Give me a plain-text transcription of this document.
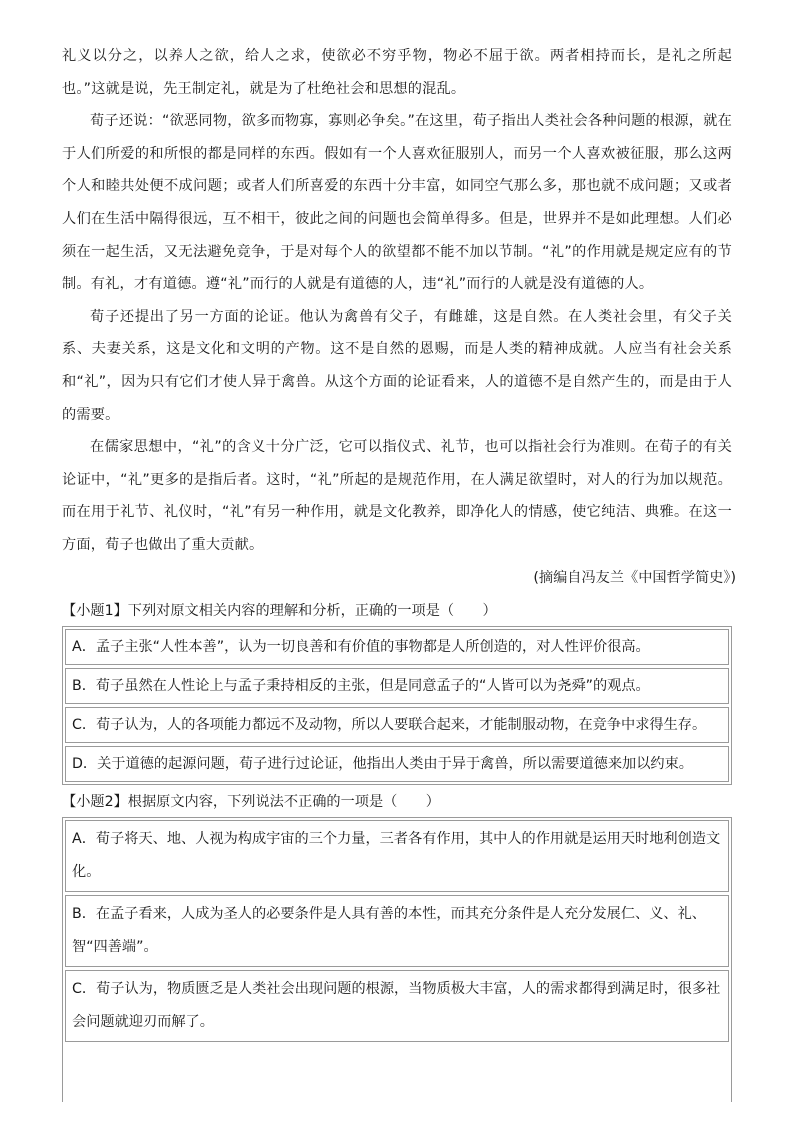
礼义以分之，以养人之欲，给人之求，使欲必不穷乎物，物必不屈于欲。两者相持而长，是礼之所起也。”这就是说，先王制定礼，就是为了杜绝社会和思想的混乱。

荀子还说：“欲恶同物，欲多而物寡，寡则必争矣。”在这里，荀子指出人类社会各种问题的根源，就在于人们所爱的和所恨的都是同样的东西。假如有一个人喜欢征服别人，而另一个人喜欢被征服，那么这两个人和睦共处便不成问题；或者人们所喜爱的东西十分丰富，如同空气那么多，那也就不成问题；又或者人们在生活中隔得很远，互不相干，彼此之间的问题也会简单得多。但是，世界并不是如此理想。人们必须在一起生活，又无法避免竞争，于是对每个人的欲望都不能不加以节制。“礼”的作用就是规定应有的节制。有礼，才有道德。遵“礼”而行的人就是有道德的人，违“礼”而行的人就是没有道德的人。

荀子还提出了另一方面的论证。他认为禽兽有父子，有雌雄，这是自然。在人类社会里，有父子关系、夫妻关系，这是文化和文明的产物。这不是自然的恩赐，而是人类的精神成就。人应当有社会关系和“礼”，因为只有它们才使人异于禽兽。从这个方面的论证看来，人的道德不是自然产生的，而是由于人的需要。

在儒家思想中，“礼”的含义十分广泛，它可以指仪式、礼节，也可以指社会行为准则。在荀子的有关论证中，“礼”更多的是指后者。这时，“礼”所起的是规范作用，在人满足欲望时，对人的行为加以规范。而在用于礼节、礼仪时，“礼”有另一种作用，就是文化教养，即净化人的情感，使它纯洁、典雅。在这一方面，荀子也做出了重大贡献。

(摘编自冯友兰《中国哲学简史》)

【小题1】下列对原文相关内容的理解和分析，正确的一项是（　　）
A．孟子主张“人性本善”，认为一切良善和有价值的事物都是人所创造的，对人性评价很高。
B．荀子虽然在人性论上与孟子秉持相反的主张，但是同意孟子的“人皆可以为尧舜”的观点。
C．荀子认为，人的各项能力都远不及动物，所以人要联合起来，才能制服动物，在竞争中求得生存。
D．关于道德的起源问题，荀子进行过论证，他指出人类由于异于禽兽，所以需要道德来加以约束。
【小题2】根据原文内容，下列说法不正确的一项是（　　）
A．荀子将天、地、人视为构成宇宙的三个力量，三者各有作用，其中人的作用就是运用天时地利创造文化。
B．在孟子看来，人成为圣人的必要条件是人具有善的本性，而其充分条件是人充分发展仁、义、礼、智“四善端”。
C．荀子认为，物质匮乏是人类社会出现问题的根源，当物质极大丰富，人的需求都得到满足时，很多社会问题就迎刃而解了。
